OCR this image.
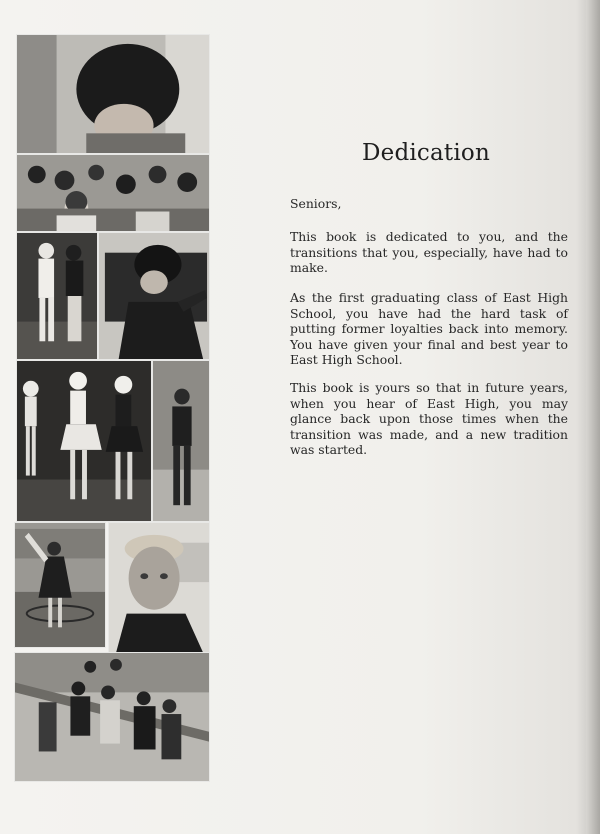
Dedication
Seniors,
This book is dedicated to you, and the transitions that you, especially, have had to make.
As the first graduating class of East High School, you have had the hard task of putting former loyalties back into memory. You have given your final and best year to East High School.
This book is yours so that in future years, when you hear of East High, you may glance back upon those times when the transition was made, and a new tradition was started.
